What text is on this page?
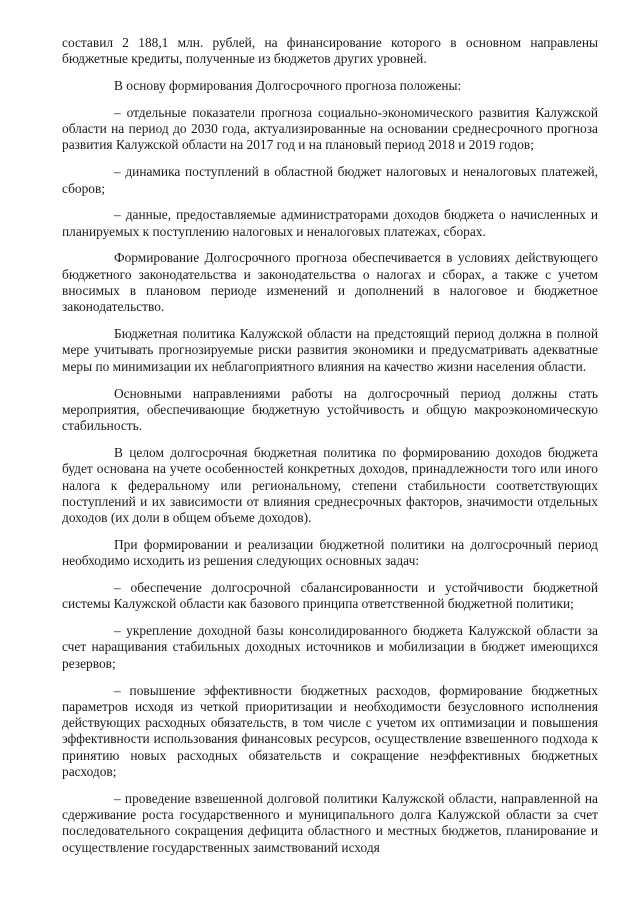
составил 2 188,1 млн. рублей, на финансирование которого в основном направлены бюджетные кредиты, полученные из бюджетов других уровней.

В основу формирования Долгосрочного прогноза положены:

– отдельные показатели прогноза социально-экономического развития Калужской области на период до 2030 года, актуализированные на основании среднесрочного прогноза развития Калужской области на 2017 год и на плановый период 2018 и 2019 годов;

– динамика поступлений в областной бюджет налоговых и неналоговых платежей, сборов;

– данные, предоставляемые администраторами доходов бюджета о начисленных и планируемых к поступлению налоговых и неналоговых платежах, сборах.

Формирование Долгосрочного прогноза обеспечивается в условиях действующего бюджетного законодательства и законодательства о налогах и сборах, а также с учетом вносимых в плановом периоде изменений и дополнений в налоговое и бюджетное законодательство.

Бюджетная политика Калужской области на предстоящий период должна в полной мере учитывать прогнозируемые риски развития экономики и предусматривать адекватные меры по минимизации их неблагоприятного влияния на качество жизни населения области.

Основными направлениями работы на долгосрочный период должны стать мероприятия, обеспечивающие бюджетную устойчивость и общую макроэкономическую стабильность.

В целом долгосрочная бюджетная политика по формированию доходов бюджета будет основана на учете особенностей конкретных доходов, принадлежности того или иного налога к федеральному или региональному, степени стабильности соответствующих поступлений и их зависимости от влияния среднесрочных факторов, значимости отдельных доходов (их доли в общем объеме доходов).

При формировании и реализации бюджетной политики на долгосрочный период необходимо исходить из решения следующих основных задач:

– обеспечение долгосрочной сбалансированности и устойчивости бюджетной системы Калужской области как базового принципа ответственной бюджетной политики;

– укрепление доходной базы консолидированного бюджета Калужской области за счет наращивания стабильных доходных источников и мобилизации в бюджет имеющихся резервов;

– повышение эффективности бюджетных расходов, формирование бюджетных параметров исходя из четкой приоритизации и необходимости безусловного исполнения действующих расходных обязательств, в том числе с учетом их оптимизации и повышения эффективности использования финансовых ресурсов, осуществление взвешенного подхода к принятию новых расходных обязательств и сокращение неэффективных бюджетных расходов;

– проведение взвешенной долговой политики Калужской области, направленной на сдерживание роста государственного и муниципального долга Калужской области за счет последовательного сокращения дефицита областного и местных бюджетов, планирование и осуществление государственных заимствований исходя
